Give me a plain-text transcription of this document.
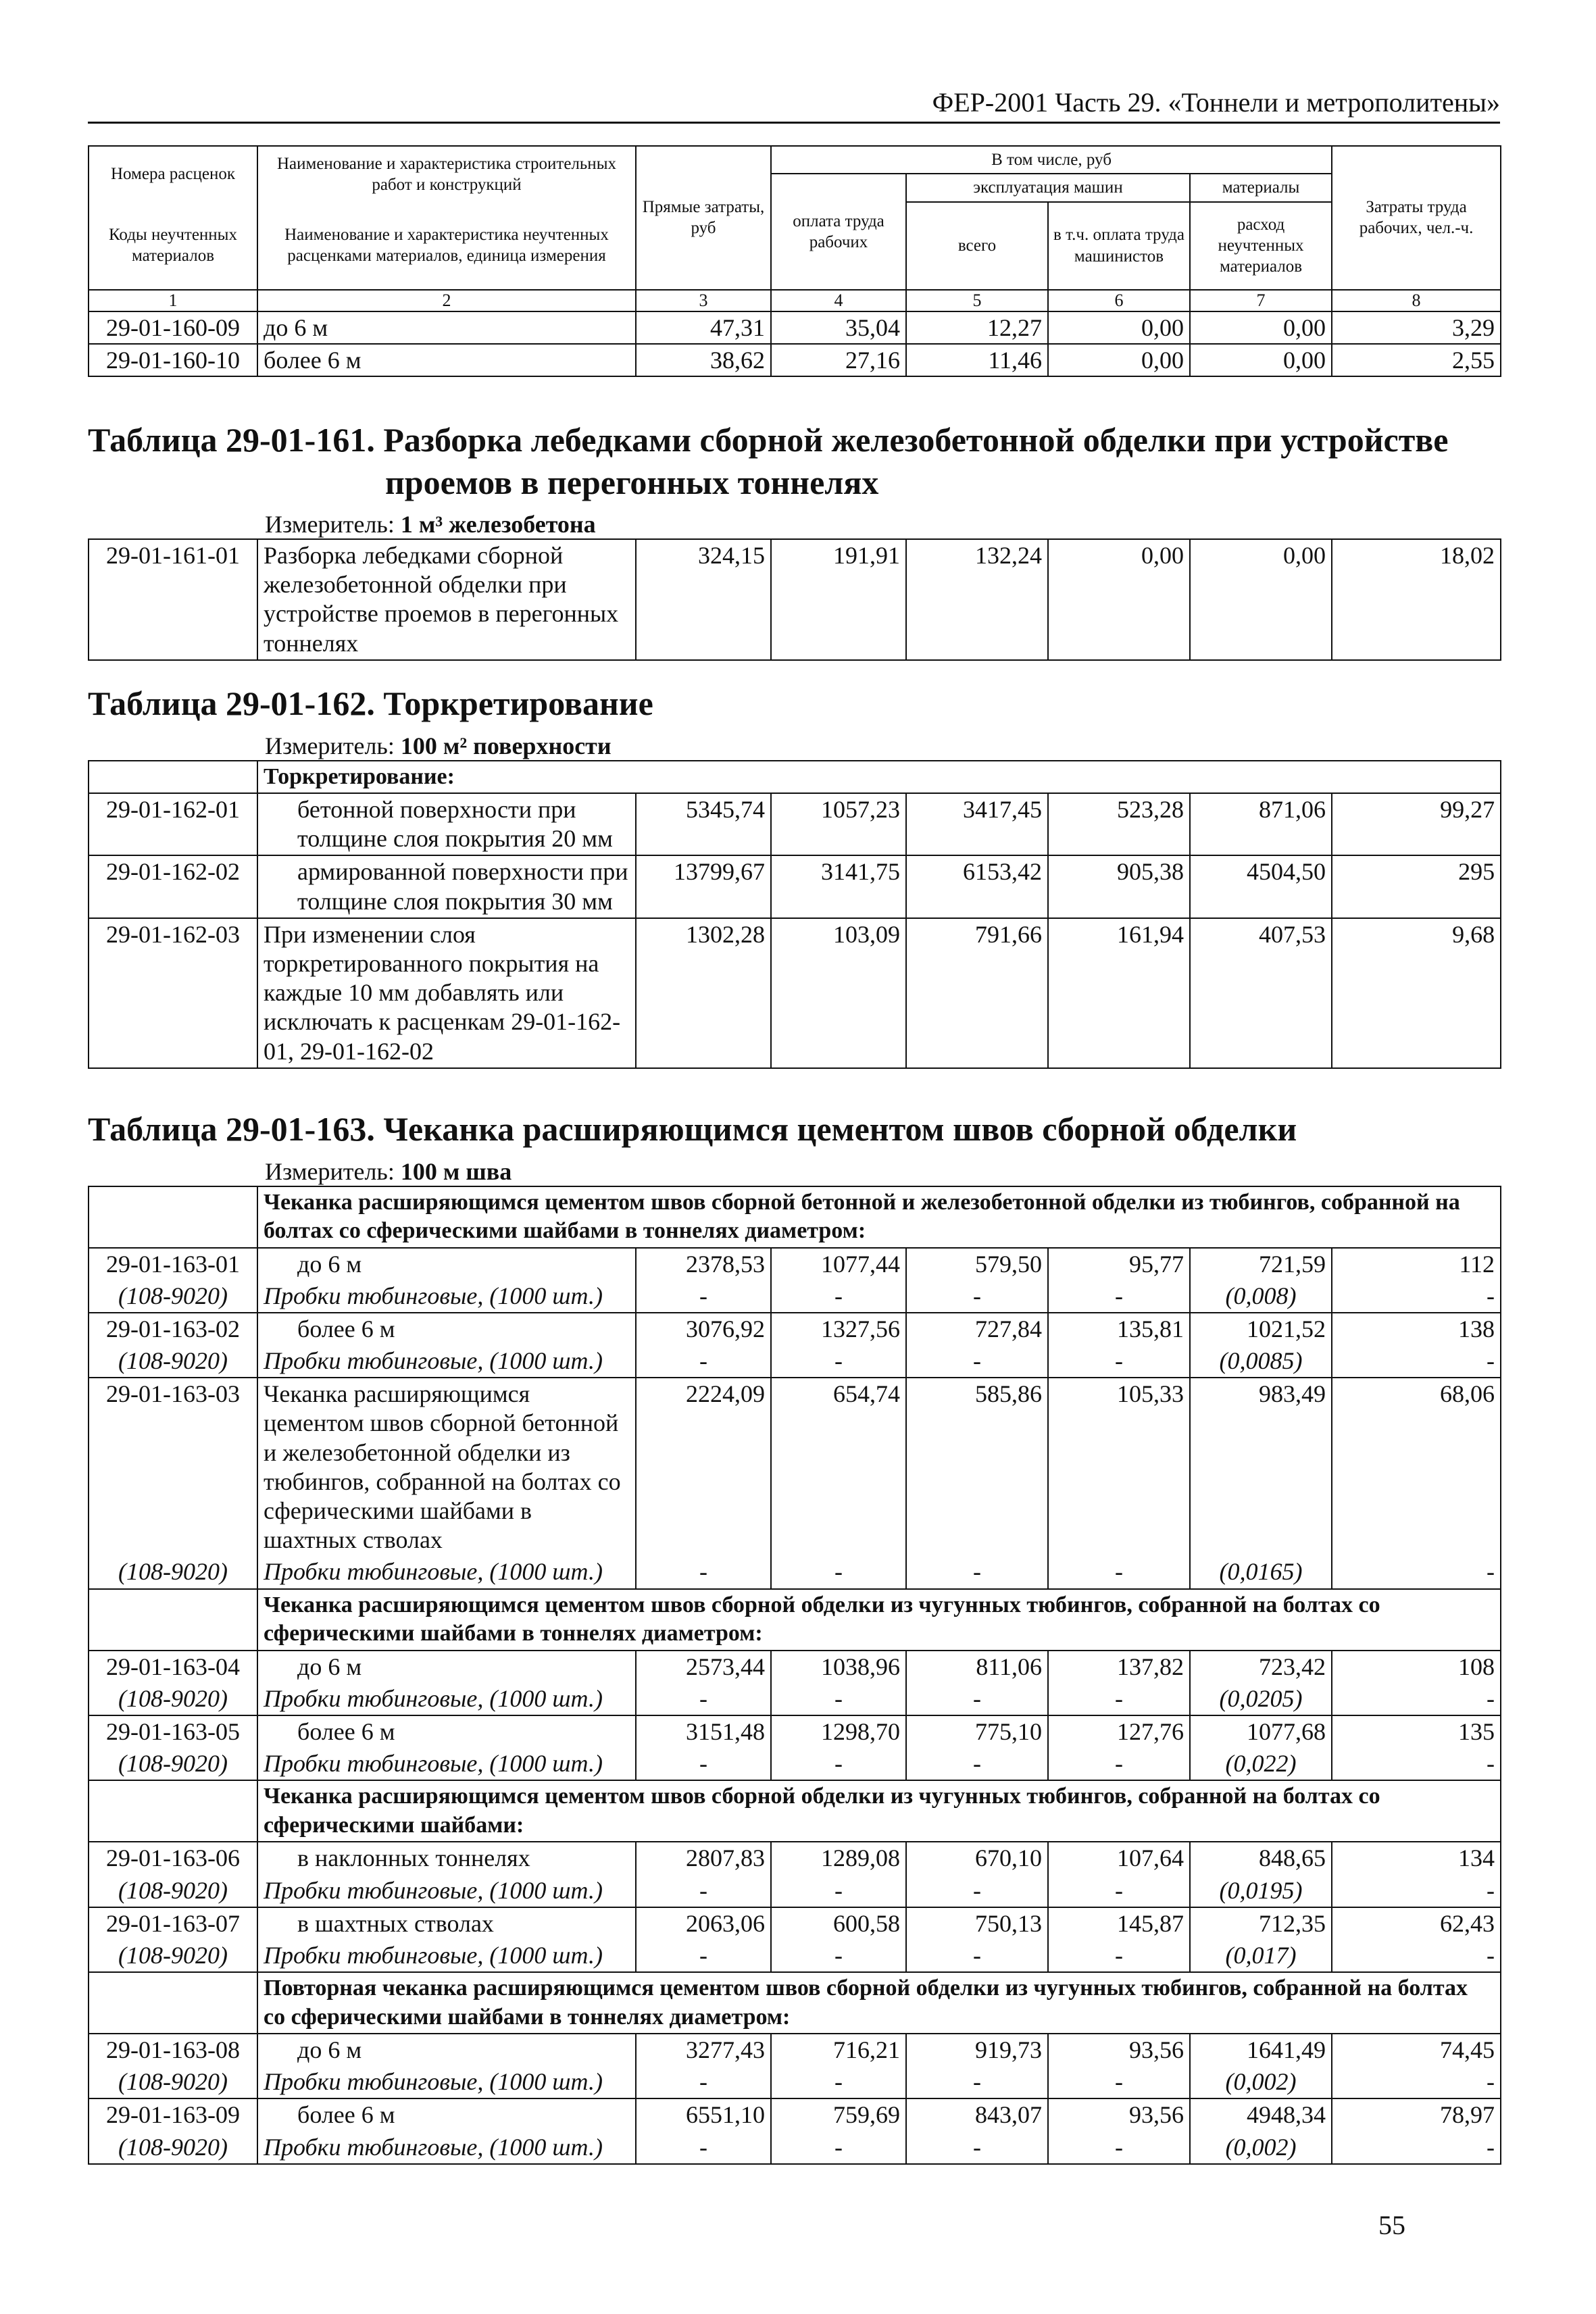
ФЕР-2001 Часть 29. «Тоннели и метрополитены»
Номера расценок	Наименование и характеристика строительных работ и конструкций	Прямые затраты, руб	В том числе, руб				Затраты труда рабочих, чел.-ч.
			оплата труда рабочих	эксплуатация машин		материалы	
Коды неучтенных материалов	Наименование и характеристика неучтенных расценками материалов, единица измерения			всего	в т.ч. оплата труда машинистов	расход неучтенных материалов	
1	2	3	4	5	6	7	8
29-01-160-09	до 6 м	47,31	35,04	12,27	0,00	0,00	3,29
29-01-160-10	более 6 м	38,62	27,16	11,46	0,00	0,00	2,55
Таблица 29-01-161. Разборка лебедками сборной железобетонной обделки при устройстве
проемов в перегонных тоннелях
Измеритель: 1 м³ железобетона
29-01-161-01	Разборка лебедками сборной железобетонной обделки при устройстве проемов в перегонных тоннелях	324,15	191,91	132,24	0,00	0,00	18,02
Таблица 29-01-162. Торкретирование
Измеритель: 100 м² поверхности
	Торкретирование:						
29-01-162-01	бетонной поверхности при толщине слоя покрытия 20 мм	5345,74	1057,23	3417,45	523,28	871,06	99,27
29-01-162-02	армированной поверхности при толщине слоя покрытия 30 мм	13799,67	3141,75	6153,42	905,38	4504,50	295
29-01-162-03	При изменении слоя торкретированного покрытия на каждые 10 мм добавлять или исключать к расценкам 29-01-162-01, 29-01-162-02	1302,28	103,09	791,66	161,94	407,53	9,68
Таблица 29-01-163. Чеканка расширяющимся цементом швов сборной обделки
Измеритель: 100 м шва
	Чеканка расширяющимся цементом швов сборной бетонной и железобетонной обделки из тюбингов, собранной на болтах со сферическими шайбами в тоннелях диаметром:						
29-01-163-01	до 6 м	2378,53	1077,44	579,50	95,77	721,59	112
(108-9020)	Пробки тюбинговые, (1000 шт.)	-	-	-	-	(0,008)	-
29-01-163-02	более 6 м	3076,92	1327,56	727,84	135,81	1021,52	138
(108-9020)	Пробки тюбинговые, (1000 шт.)	-	-	-	-	(0,0085)	-
29-01-163-03	Чеканка расширяющимся цементом швов сборной бетонной и железобетонной обделки из тюбингов, собранной на болтах со сферическими шайбами в шахтных стволах	2224,09	654,74	585,86	105,33	983,49	68,06
(108-9020)	Пробки тюбинговые, (1000 шт.)	-	-	-	-	(0,0165)	-
	Чеканка расширяющимся цементом швов сборной обделки из чугунных тюбингов, собранной на болтах со сферическими шайбами в тоннелях диаметром:						
29-01-163-04	до 6 м	2573,44	1038,96	811,06	137,82	723,42	108
(108-9020)	Пробки тюбинговые, (1000 шт.)	-	-	-	-	(0,0205)	-
29-01-163-05	более 6 м	3151,48	1298,70	775,10	127,76	1077,68	135
(108-9020)	Пробки тюбинговые, (1000 шт.)	-	-	-	-	(0,022)	-
	Чеканка расширяющимся цементом швов сборной обделки из чугунных тюбингов, собранной на болтах со сферическими шайбами:						
29-01-163-06	в наклонных тоннелях	2807,83	1289,08	670,10	107,64	848,65	134
(108-9020)	Пробки тюбинговые, (1000 шт.)	-	-	-	-	(0,0195)	-
29-01-163-07	в шахтных стволах	2063,06	600,58	750,13	145,87	712,35	62,43
(108-9020)	Пробки тюбинговые, (1000 шт.)	-	-	-	-	(0,017)	-
	Повторная чеканка расширяющимся цементом швов сборной обделки из чугунных тюбингов, собранной на болтах со сферическими шайбами в тоннелях диаметром:						
29-01-163-08	до 6 м	3277,43	716,21	919,73	93,56	1641,49	74,45
(108-9020)	Пробки тюбинговые, (1000 шт.)	-	-	-	-	(0,002)	-
29-01-163-09	более 6 м	6551,10	759,69	843,07	93,56	4948,34	78,97
(108-9020)	Пробки тюбинговые, (1000 шт.)	-	-	-	-	(0,002)	-
55
